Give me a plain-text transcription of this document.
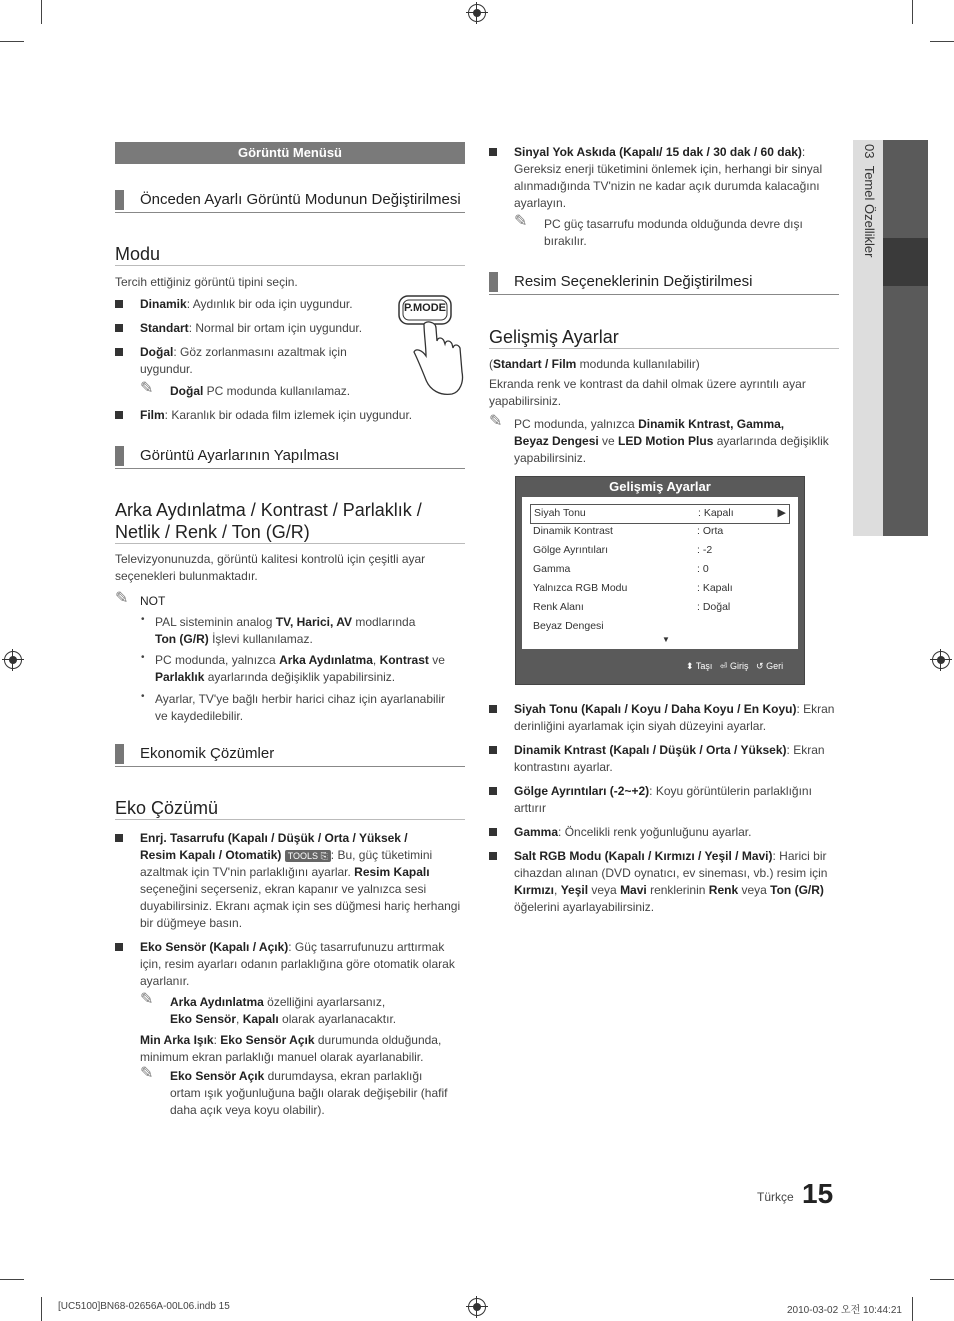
03  Temel Özellikler
Görüntü Menüsü
Önceden Ayarlı Görüntü Modunun Değiştirilmesi
Modu
Tercih ettiğiniz görüntü tipini seçin.
Dinamik: Aydınlık bir oda için uygundur.
Standart: Normal bir ortam için uygundur.
Doğal: Göz zorlanmasını azaltmak için
uygundur.
✎ Doğal PC modunda kullanılamaz.
Film: Karanlık bir odada film izlemek için uygundur.
P.MODE
Görüntü Ayarlarının Yapılması
Arka Aydınlatma / Kontrast / Parlaklık /
Netlik / Renk / Ton (G/R)
Televizyonunuzda, görüntü kalitesi kontrolü için çeşitli ayar
seçenekleri bulunmaktadır.
✎ NOT
• PAL sisteminin analog TV, Harici, AV modlarında
Ton (G/R) İşlevi kullanılamaz.
• PC modunda, yalnızca Arka Aydınlatma, Kontrast ve
Parlaklık ayarlarında değişiklik yapabilirsiniz.
• Ayarlar, TV'ye bağlı herbir harici cihaz için ayarlanabilir
ve kaydedilebilir.
Ekonomik Çözümler
Eko Çözümü
Enrj. Tasarrufu (Kapalı / Düşük / Orta / Yüksek /
Resim Kapalı / Otomatik) TOOLS ⎘ : Bu, güç tüketimini
azaltmak için TV'nin parlaklığını ayarlar. Resim Kapalı
seçeneğini seçerseniz, ekran kapanır ve yalnızca sesi
duyabilirsiniz. Ekranı açmak için ses düğmesi hariç herhangi
bir düğmeye basın.
Eko Sensör (Kapalı / Açık): Güç tasarrufunuzu arttırmak
için, resim ayarları odanın parlaklığına göre otomatik olarak
ayarlanır.
✎ Arka Aydınlatma özelliğini ayarlarsanız,
Eko Sensör, Kapalı olarak ayarlanacaktır.
Min Arka Işık: Eko Sensör Açık durumunda olduğunda,
minimum ekran parlaklığı manuel olarak ayarlanabilir.
✎ Eko Sensör Açık durumdaysa, ekran parlaklığı
ortam ışık yoğunluğuna bağlı olarak değişebilir (hafif
daha açık veya koyu olabilir).
Sinyal Yok Askıda (Kapalı/ 15 dak / 30 dak / 60 dak):
Gereksiz enerji tüketimini önlemek için, herhangi bir sinyal
alınmadığında TV'nizin ne kadar açık durumda kalacağını
ayarlayın.
✎ PC güç tasarrufu modunda olduğunda devre dışı
bırakılır.
Resim Seçeneklerinin Değiştirilmesi
Gelişmiş Ayarlar
(Standart / Film modunda kullanılabilir)
Ekranda renk ve kontrast da dahil olmak üzere ayrıntılı ayar
yapabilirsiniz.
✎ PC modunda, yalnızca Dinamik Kntrast, Gamma,
Beyaz Dengesi ve LED Motion Plus ayarlarında değişiklik
yapabilirsiniz.
Gelişmiş Ayarlar
Siyah Tonu	: Kapalı	▶
Dinamik Kontrast	: Orta
Gölge Ayrıntıları	: -2
Gamma	: 0
Yalnızca RGB Modu	: Kapalı
Renk Alanı	: Doğal
Beyaz Dengesi
▼
⬍ Taşı ⏎ Giriş ↺ Geri
Siyah Tonu (Kapalı / Koyu / Daha Koyu / En Koyu): Ekran
derinliğini ayarlamak için siyah düzeyini ayarlar.
Dinamik Kntrast (Kapalı / Düşük / Orta / Yüksek): Ekran
kontrastını ayarlar.
Gölge Ayrıntıları (-2~+2): Koyu görüntülerin parlaklığını
arttırır
Gamma: Öncelikli renk yoğunluğunu ayarlar.
Salt RGB Modu (Kapalı / Kırmızı / Yeşil / Mavi): Harici bir
cihazdan alınan (DVD oynatıcı, ev sineması, vb.) resim için
Kırmızı, Yeşil veya Mavi renklerinin Renk veya Ton (G/R)
öğelerini ayarlayabilirsiniz.
Türkçe 15
[UC5100]BN68-02656A-00L06.indb 15	2010-03-02 오전 10:44:21
